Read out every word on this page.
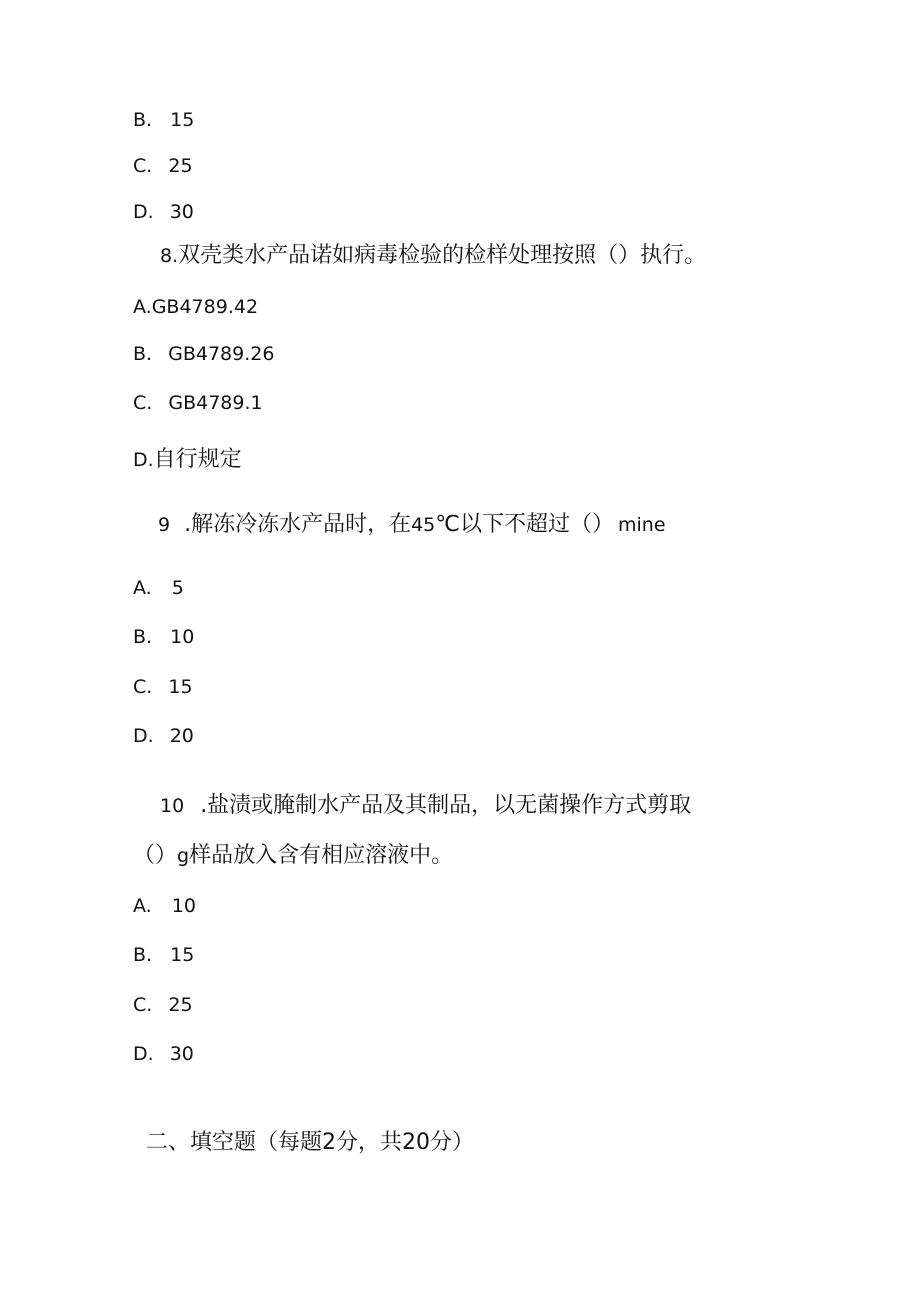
B. 15
C. 25
D. 30
8.双壳类水产品诺如病毒检验的检样处理按照（）执行。
A.GB4789.42
B. GB4789.26
C. GB4789.1
D.自行规定
9 .解冻冷冻水产品时，在45℃以下不超过（） mine
A. 5
B. 10
C. 15
D. 20
10 .盐渍或腌制水产品及其制品，以无菌操作方式剪取
（）g样品放入含有相应溶液中。
A. 10
B. 15
C. 25
D. 30
二、填空题（每题2分，共20分）
